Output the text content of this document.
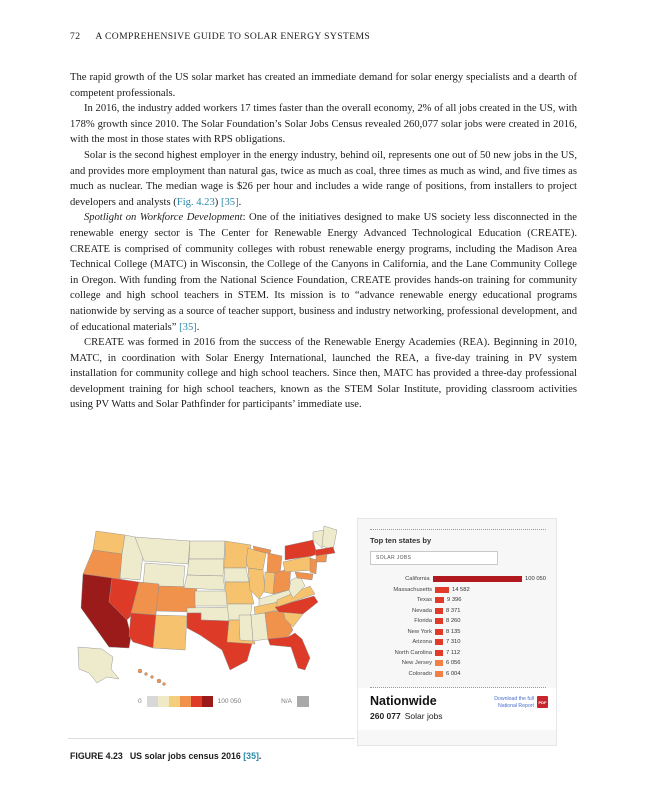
72 A COMPREHENSIVE GUIDE TO SOLAR ENERGY SYSTEMS

The rapid growth of the US solar market has created an immediate demand for solar energy specialists and a dearth of competent professionals.

In 2016, the industry added workers 17 times faster than the overall economy, 2% of all jobs created in the US, with 178% growth since 2010. The Solar Foundation’s Solar Jobs Census revealed 260,077 solar jobs were created in 2016, with the most in those states with RPS obligations.

Solar is the second highest employer in the energy industry, behind oil, represents one out of 50 new jobs in the US, and provides more employment than natural gas, twice as much as coal, three times as much as wind, and five times as much as nuclear. The median wage is $26 per hour and includes a wide range of positions, from installers to project developers and analysts (Fig. 4.23) [35].

Spotlight on Workforce Development: One of the initiatives designed to make US society less disconnected in the renewable energy sector is The Center for Renewable Energy Advanced Technological Education (CREATE). CREATE is comprised of community colleges with robust renewable energy programs, including the Madison Area Technical College (MATC) in Wisconsin, the College of the Canyons in California, and the Lane Community College in Oregon. With funding from the National Science Foundation, CREATE provides hands-on training for community college and high school teachers in STEM. Its mission is to “advance renewable energy educational programs nationwide by serving as a source of teacher support, business and industry networking, professional development, and of educational materials” [35].

CREATE was formed in 2016 from the success of the Renewable Energy Academies (REA). Beginning in 2010, MATC, in coordination with Solar Energy International, launched the REA, a five-day training in PV system installation for community college and high school teachers. Since then, MATC has provided a three-day professional development training for high school teachers, known as the STEM Solar Institute, providing classroom activities using PV Watts and Solar Pathfinder for participants’ immediate use.

0	100 050	N/A
Top ten states by
SOLAR JOBS
California	100 050
Massachusetts	14 582
Texas	9 396
Nevada 8 371
Florida 8 260
New York 8 135
Arizona 7 310
North Carolina 7 112
New Jersey 6 056
Colorado 6 004
Nationwide
260 077 Solar jobs
Download the full National Report
PDF
FIGURE 4.23 US solar jobs census 2016 [35].
